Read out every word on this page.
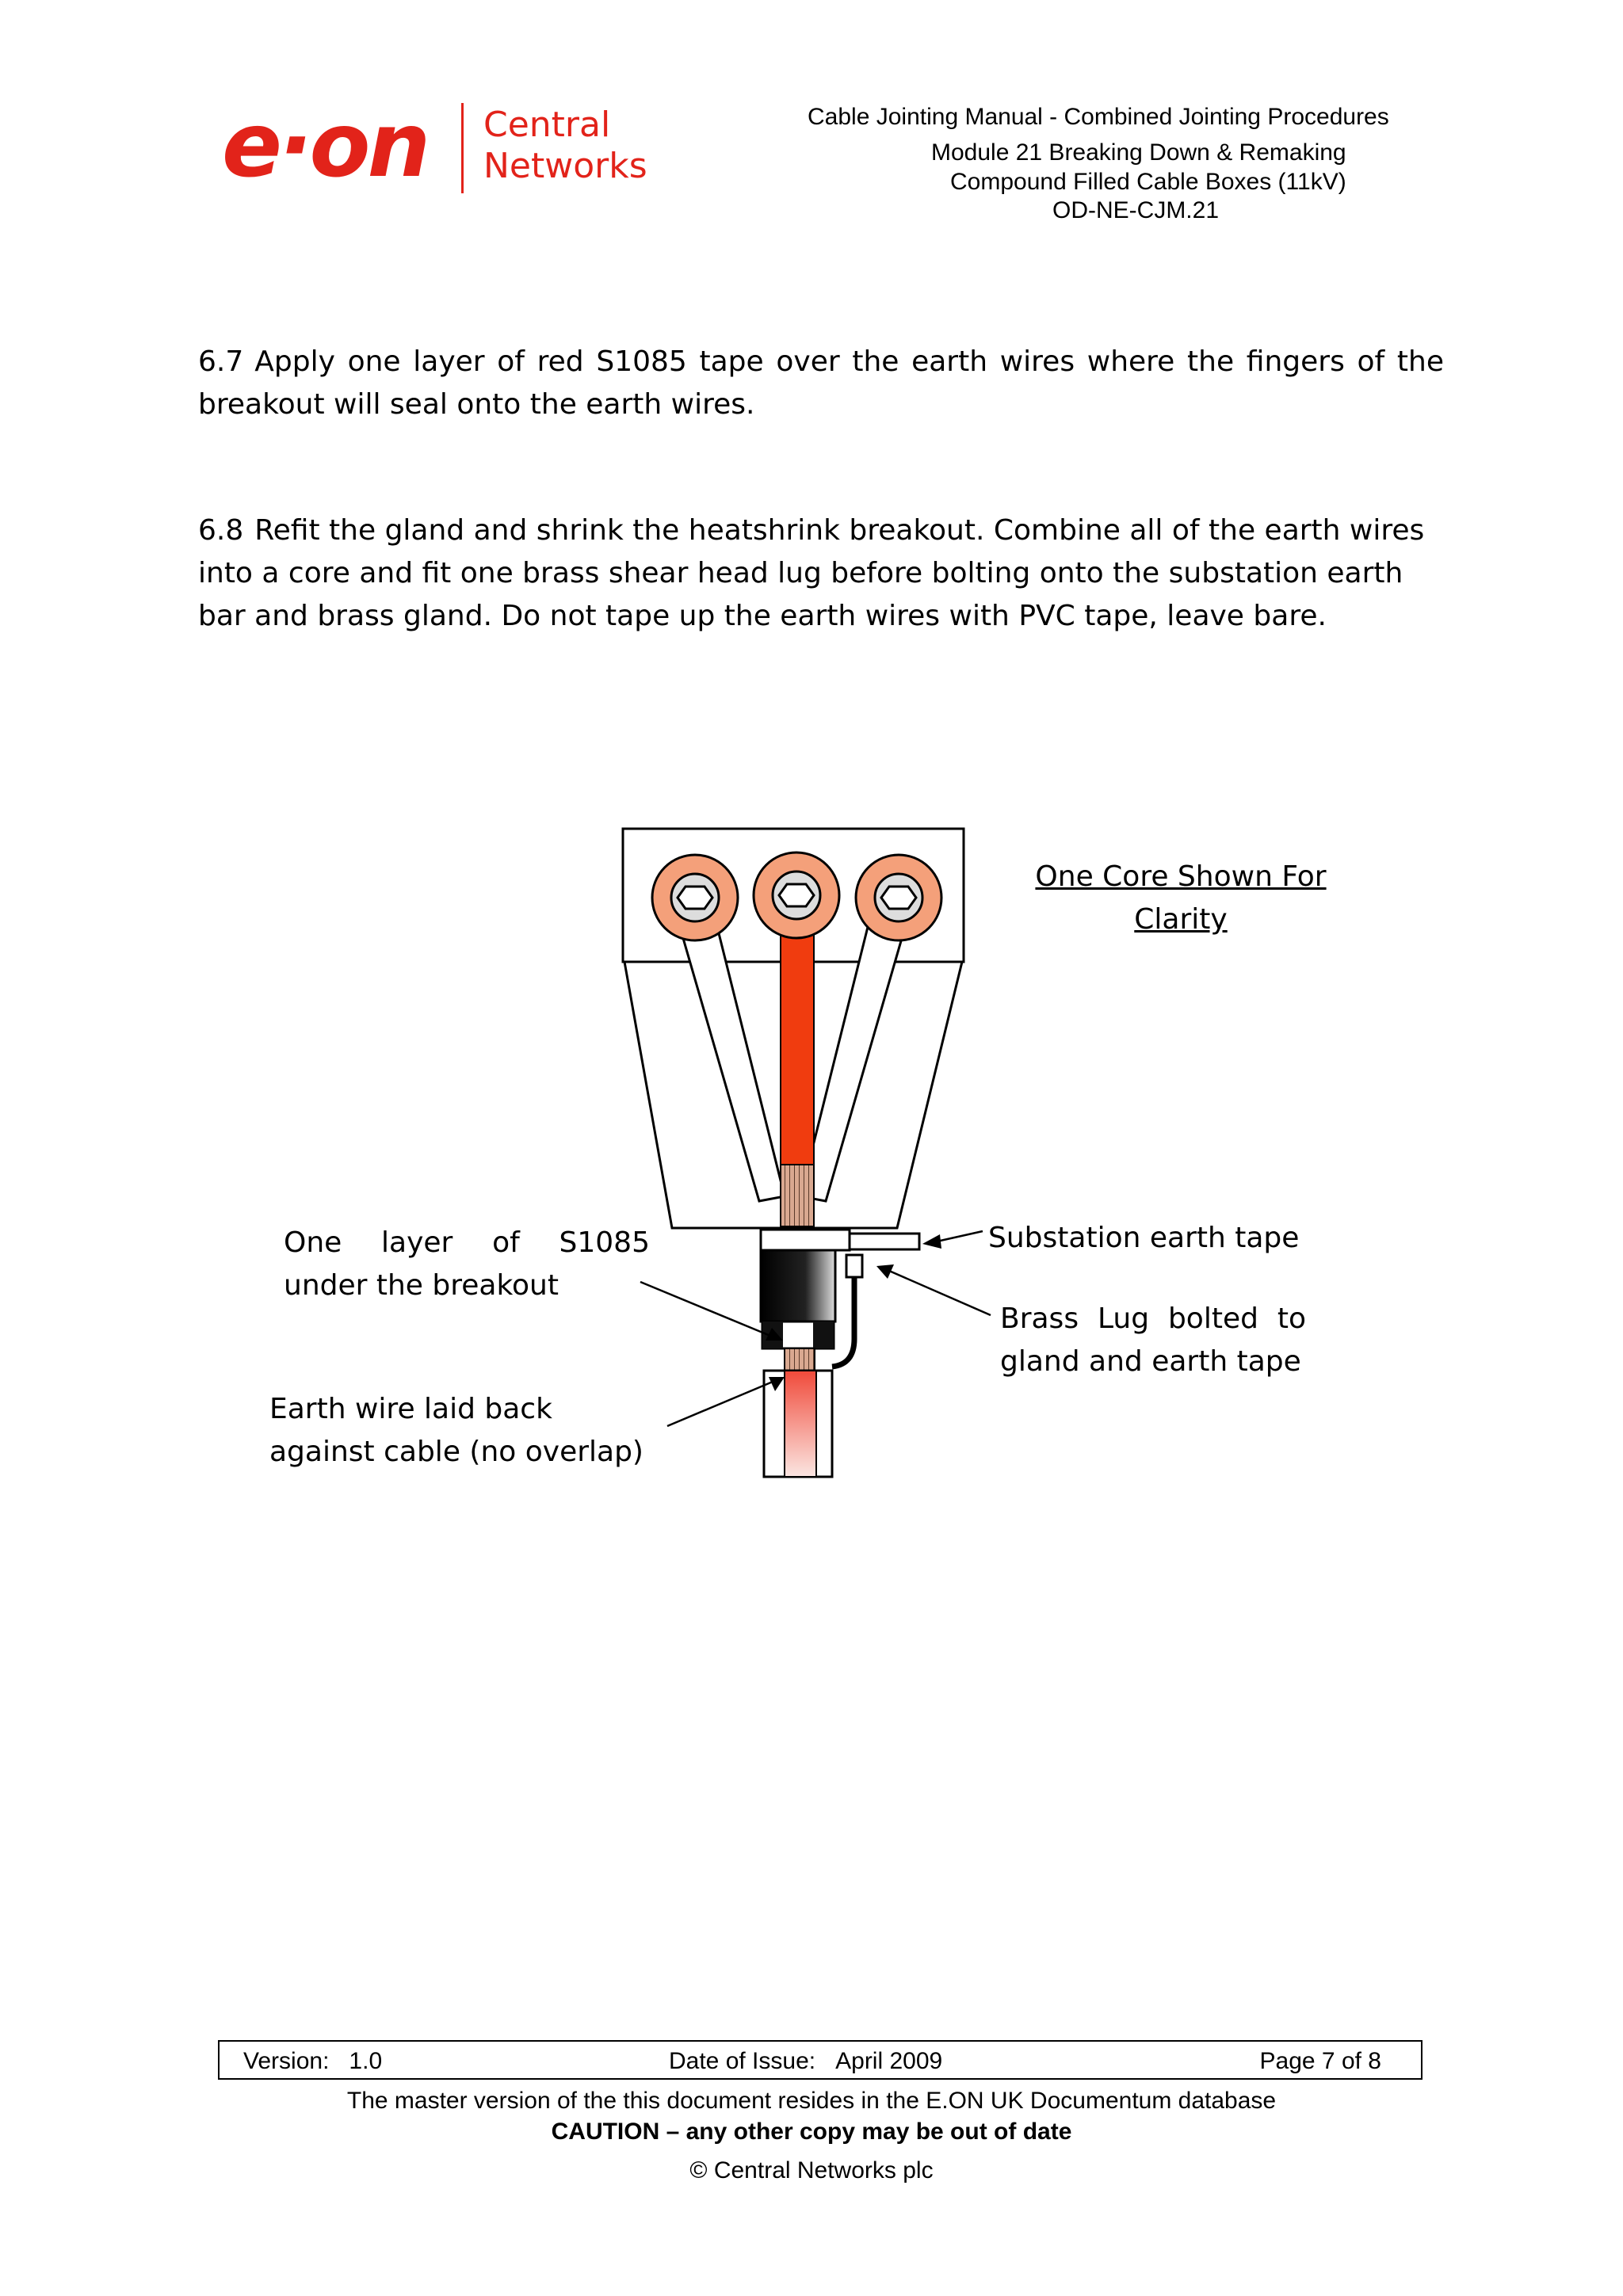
e·on Central
Networks
Cable Jointing Manual - Combined Jointing Procedures
Module 21 Breaking Down & Remaking
Compound Filled Cable Boxes (11kV)
OD-NE-CJM.21
6.7 Apply one layer of red S1085 tape over the earth wires where the fingers of the breakout will seal onto the earth wires.
6.8 Refit the gland and shrink the heatshrink breakout. Combine all of the earth wires into a core and fit one brass shear head lug before bolting onto the substation earth bar and brass gland. Do not tape up the earth wires with PVC tape, leave bare.
One Core Shown For Clarity
One layer of S1085 under the breakout
Earth wire laid back against cable (no overlap)
Substation earth tape
Brass Lug bolted to gland and earth tape
Version: 1.0	Date of Issue: April 2009	Page 7 of 8
The master version of the this document resides in the E.ON UK Documentum database
CAUTION – any other copy may be out of date
© Central Networks plc
